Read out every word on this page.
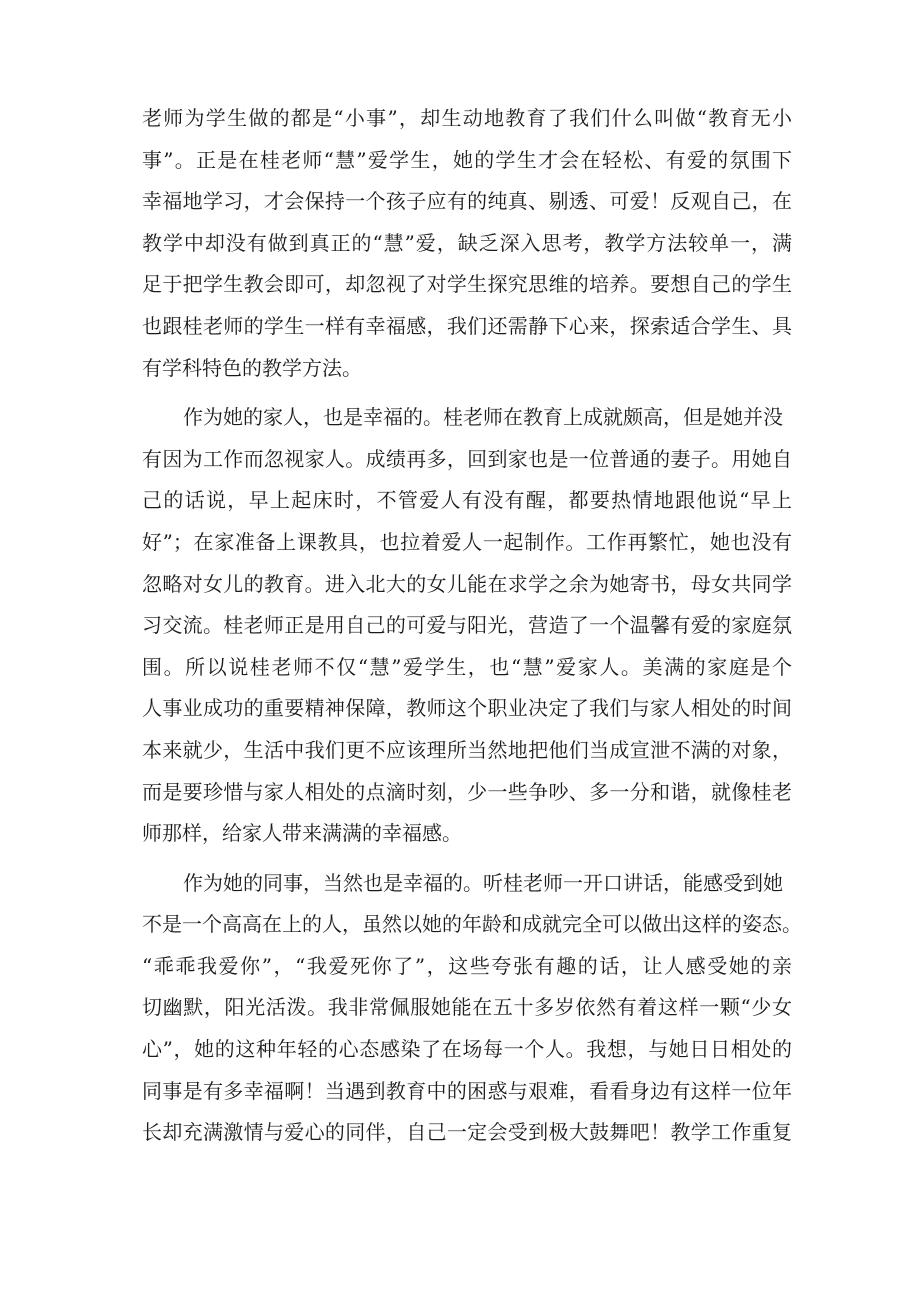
老师为学生做的都是“小事”，却生动地教育了我们什么叫做“教育无小
事”。正是在桂老师“慧”爱学生，她的学生才会在轻松、有爱的氛围下
幸福地学习，才会保持一个孩子应有的纯真、剔透、可爱！反观自己，在
教学中却没有做到真正的“慧”爱，缺乏深入思考，教学方法较单一，满
足于把学生教会即可，却忽视了对学生探究思维的培养。要想自己的学生
也跟桂老师的学生一样有幸福感，我们还需静下心来，探索适合学生、具
有学科特色的教学方法。
作为她的家人，也是幸福的。桂老师在教育上成就颇高，但是她并没
有因为工作而忽视家人。成绩再多，回到家也是一位普通的妻子。用她自
己的话说，早上起床时，不管爱人有没有醒，都要热情地跟他说“早上
好”；在家准备上课教具，也拉着爱人一起制作。工作再繁忙，她也没有
忽略对女儿的教育。进入北大的女儿能在求学之余为她寄书，母女共同学
习交流。桂老师正是用自己的可爱与阳光，营造了一个温馨有爱的家庭氛
围。所以说桂老师不仅“慧”爱学生，也“慧”爱家人。美满的家庭是个
人事业成功的重要精神保障，教师这个职业决定了我们与家人相处的时间
本来就少，生活中我们更不应该理所当然地把他们当成宣泄不满的对象，
而是要珍惜与家人相处的点滴时刻，少一些争吵、多一分和谐，就像桂老
师那样，给家人带来满满的幸福感。
作为她的同事，当然也是幸福的。听桂老师一开口讲话，能感受到她
不是一个高高在上的人，虽然以她的年龄和成就完全可以做出这样的姿态。
“乖乖我爱你”，“我爱死你了”，这些夸张有趣的话，让人感受她的亲
切幽默，阳光活泼。我非常佩服她能在五十多岁依然有着这样一颗“少女
心”，她的这种年轻的心态感染了在场每一个人。我想，与她日日相处的
同事是有多幸福啊！当遇到教育中的困惑与艰难，看看身边有这样一位年
长却充满激情与爱心的同伴，自己一定会受到极大鼓舞吧！教学工作重复
